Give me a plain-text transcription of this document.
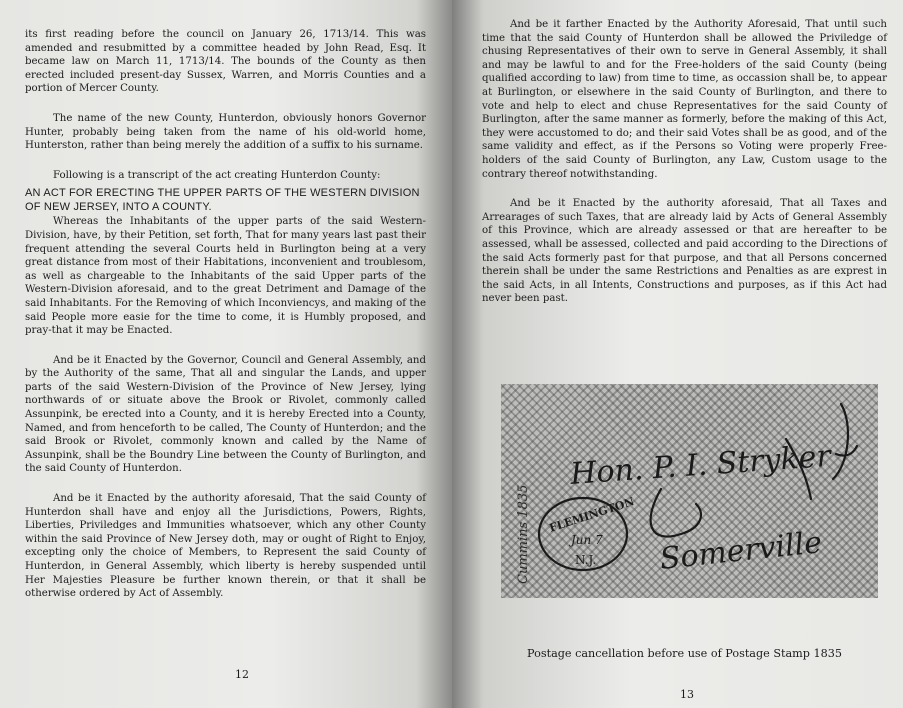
its first reading before the council on January 26, 1713/14. This was amended and resubmitted by a committee headed by John Read, Esq. It became law on March 11, 1713/14. The bounds of the County as then erected included present-day Sussex, Warren, and Morris Counties and a portion of Mercer County.

The name of the new County, Hunterdon, obviously honors Governor Hunter, probably being taken from the name of his old-world home, Hunterston, rather than being merely the addition of a suffix to his surname.

Following is a transcript of the act creating Hunterdon County:

AN ACT FOR ERECTING THE UPPER PARTS OF THE WESTERN DIVISION OF NEW JERSEY, INTO A COUNTY.

Whereas the Inhabitants of the upper parts of the said Western-Division, have, by their Petition, set forth, That for many years last past their frequent attending the several Courts held in Burlington being at a very great distance from most of their Habitations, inconvenient and troublesom, as well as chargeable to the Inhabitants of the said Upper parts of the Western-Division aforesaid, and to the great Detriment and Damage of the said Inhabitants. For the Removing of which Inconviencys, and making of the said People more easie for the time to come, it is Humbly proposed, and pray-that it may be Enacted.

And be it Enacted by the Governor, Council and General Assembly, and by the Authority of the same, That all and singular the Lands, and upper parts of the said Western-Division of the Province of New Jersey, lying northwards of or situate above the Brook or Rivolet, commonly called Assunpink, be erected into a County, and it is hereby Erected into a County, Named, and from henceforth to be called, The County of Hunterdon; and the said Brook or Rivolet, commonly known and called by the Name of Assunpink, shall be the Boundry Line between the County of Burlington, and the said County of Hunterdon.

And be it Enacted by the authority aforesaid, That the said County of Hunterdon shall have and enjoy all the Jurisdictions, Powers, Rights, Liberties, Priviledges and Immunities whatsoever, which any other County within the said Province of New Jersey doth, may or ought of Right to Enjoy, excepting only the choice of Members, to Represent the said County of Hunterdon, in General Assembly, which liberty is hereby suspended until Her Majesties Pleasure be further known therein, or that it shall be otherwise ordered by Act of Assembly.

12

And be it farther Enacted by the Authority Aforesaid, That until such time that the said County of Hunterdon shall be allowed the Priviledge of chusing Representatives of their own to serve in General Assembly, it shall and may be lawful to and for the Free-holders of the said County (being qualified according to law) from time to time, as occassion shall be, to appear at Burlington, or elsewhere in the said County of Burlington, and there to vote and help to elect and chuse Representatives for the said County of Burlington, after the same manner as formerly, before the making of this Act, they were accustomed to do; and their said Votes shall be as good, and of the same validity and effect, as if the Persons so Voting were properly Free-holders of the said County of Burlington, any Law, Custom usage to the contrary thereof notwithstanding.

And be it Enacted by the authority aforesaid, That all Taxes and Arrearages of such Taxes, that are already laid by Acts of General Assembly of this Province, which are already assessed or that are hereafter to be assessed, whall be assessed, collected and paid according to the Directions of the said Acts formerly past for that purpose, and that all Persons concerned therein shall be under the same Restrictions and Penalties as are exprest in the said Acts, in all Intents, Constructions and purposes, as if this Act had never been past.

FLEMINGTON
Jun 7
N.J.
Hon. P. I. Stryker
Somerville
Cummins 1835
Postage cancellation before use of Postage Stamp 1835
13
